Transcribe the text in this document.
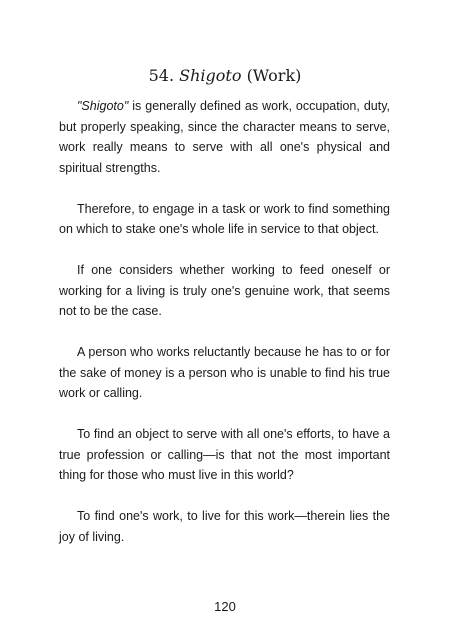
54. Shigoto (Work)

"Shigoto" is generally defined as work, occupation, duty, but properly speaking, since the character means to serve, work really means to serve with all one's physical and spiritual strengths.

Therefore, to engage in a task or work to find something on which to stake one's whole life in service to that object.

If one considers whether working to feed oneself or working for a living is truly one's genuine work, that seems not to be the case.

A person who works reluctantly because he has to or for the sake of money is a person who is unable to find his true work or calling.

To find an object to serve with all one's efforts, to have a true profession or calling—is that not the most important thing for those who must live in this world?

To find one's work, to live for this work—therein lies the joy of living.

120
